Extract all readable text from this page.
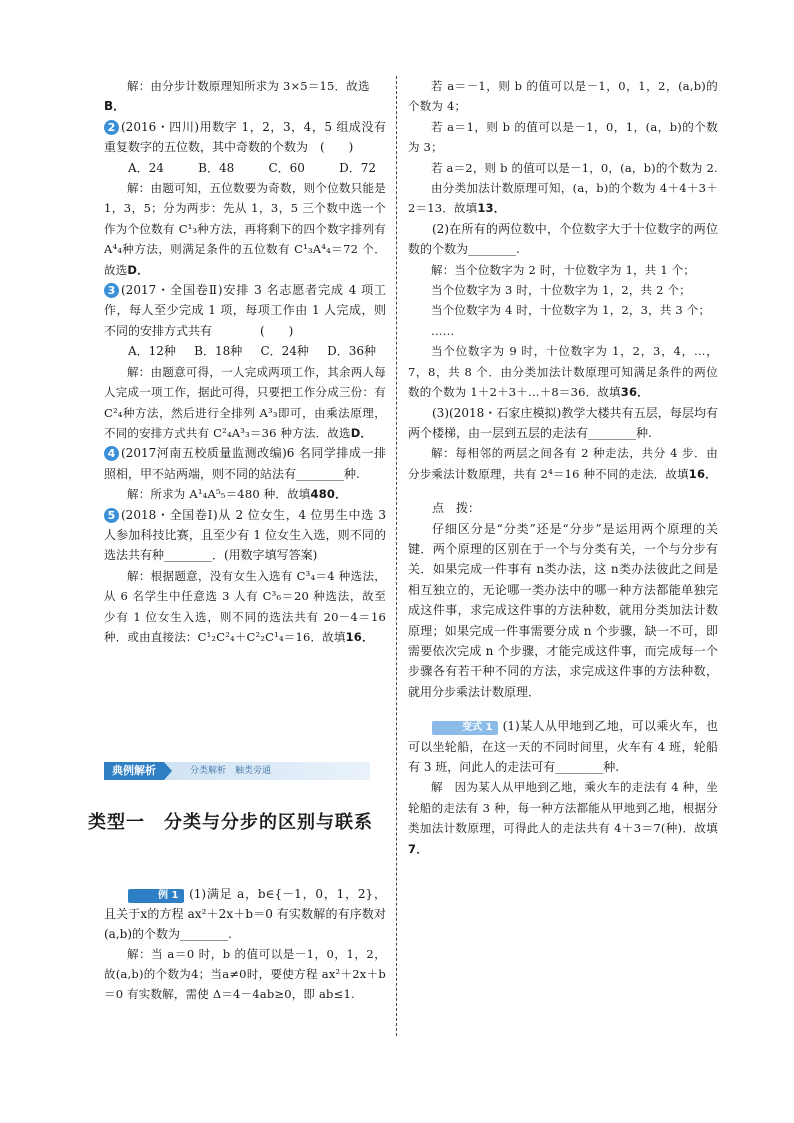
解：由分步计数原理知所求为 3×5＝15．故选

B．

2 (2016・四川)用数字 1，2，3，4，5 组成没有重复数字的五位数，其中奇数的个数为　(　　)

A．24	B．48	C．60	D．72

解：由题可知，五位数要为奇数，则个位数只能是 1，3，5；分为两步：先从 1，3，5 三个数中选一个作为个位数有 C¹₃种方法，再将剩下的四个数字排列有 A⁴₄种方法，则满足条件的五位数有 C¹₃A⁴₄＝72 个．故选D．

3 (2017・全国卷Ⅱ)安排 3 名志愿者完成 4 项工作，每人至少完成 1 项，每项工作由 1 人完成，则不同的安排方式共有　　　　(　　)

A．12种 B．18种 C．24种 D．36种

解：由题意可得，一人完成两项工作，其余两人每人完成一项工作，据此可得，只要把工作分成三份：有 C²₄种方法，然后进行全排列 A³₃即可，由乘法原理，不同的安排方式共有 C²₄A³₃＝36 种方法．故选D．

4 (2017河南五校质量监测改编)6 名同学排成一排照相，甲不站两端，则不同的站法有________种.

解：所求为 A¹₄A⁵₅＝480 种．故填480．

5 (2018・全国卷Ⅰ)从 2 位女生，4 位男生中选 3 人参加科技比赛，且至少有 1 位女生入选，则不同的选法共有种________．(用数字填写答案)

解：根据题意，没有女生入选有 C³₄＝4 种选法，从 6 名学生中任意选 3 人有 C³₆＝20 种选法，故至少有 1 位女生入选，则不同的选法共有 20－4＝16 种．或由直接法：C¹₂C²₄＋C²₂C¹₄＝16．故填16．

典例解析	分类解析　触类旁通
类型一　分类与分步的区别与联系

例 1 (1)满足 a，b∈{－1，0，1，2}，且关于x的方程 ax²＋2x＋b＝0 有实数解的有序数对(a,b)的个数为________.

解：当 a＝0 时，b 的值可以是－1，0，1，2，故(a,b)的个数为4；当a≠0时，要使方程 ax²＋2x＋b＝0 有实数解，需使 Δ＝4－4ab≥0，即 ab≤1.

若 a＝－1，则 b 的值可以是－1，0，1，2，(a,b)的个数为 4；

若 a＝1，则 b 的值可以是－1，0，1，(a，b)的个数为 3；

若 a＝2，则 b 的值可以是－1，0，(a，b)的个数为 2.

由分类加法计数原理可知，(a，b)的个数为 4＋4＋3＋2＝13．故填13．

(2)在所有的两位数中，个位数字大于十位数字的两位数的个数为________.

解：当个位数字为 2 时，十位数字为 1，共 1 个；

当个位数字为 3 时，十位数字为 1，2，共 2 个；

当个位数字为 4 时，十位数字为 1，2，3，共 3 个；

……

当个位数字为 9 时，十位数字为 1，2，3，4，…，7，8，共 8 个．由分类加法计数原理可知满足条件的两位数的个数为 1＋2＋3＋…＋8＝36．故填36．

(3)(2018・石家庄模拟)教学大楼共有五层，每层均有两个楼梯，由一层到五层的走法有________种.

解：每相邻的两层之间各有 2 种走法，共分 4 步．由分步乘法计数原理，共有 2⁴＝16 种不同的走法．故填16．

点　拨：

仔细区分是“分类”还是“分步”是运用两个原理的关键．两个原理的区别在于一个与分类有关，一个与分步有关．如果完成一件事有 n类办法，这 n类办法彼此之间是相互独立的，无论哪一类办法中的哪一种方法都能单独完成这件事，求完成这件事的方法种数，就用分类加法计数原理；如果完成一件事需要分成 n 个步骤，缺一不可，即需要依次完成 n 个步骤，才能完成这件事，而完成每一个步骤各有若干种不同的方法，求完成这件事的方法种数，就用分步乘法计数原理．

变式 1 (1)某人从甲地到乙地，可以乘火车，也可以坐轮船，在这一天的不同时间里，火车有 4 班，轮船有 3 班，问此人的走法可有________种.

解　因为某人从甲地到乙地，乘火车的走法有 4 种，坐轮船的走法有 3 种，每一种方法都能从甲地到乙地，根据分类加法计数原理，可得此人的走法共有 4＋3＝7(种)．故填7．
